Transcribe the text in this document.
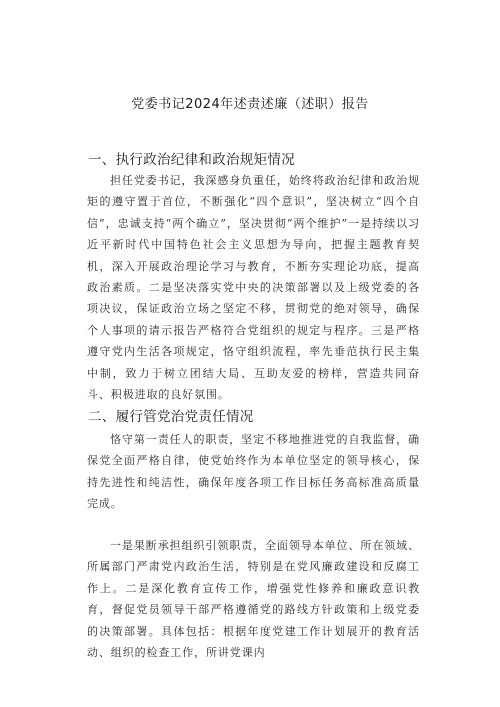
党委书记2024年述责述廉（述职）报告
一、执行政治纪律和政治规矩情况
担任党委书记，我深感身负重任，始终将政治纪律和政治规矩的遵守置于首位，不断强化“四个意识”，坚决树立“四个自信”，忠诚支持“两个确立”，坚决贯彻“两个维护”一是持续以习近平新时代中国特色社会主义思想为导向，把握主题教育契机，深入开展政治理论学习与教育，不断夯实理论功底，提高政治素质。二是坚决落实党中央的决策部署以及上级党委的各项决议，保证政治立场之坚定不移，贯彻党的绝对领导，确保个人事项的请示报告严格符合党组织的规定与程序。三是严格遵守党内生活各项规定，恪守组织流程，率先垂范执行民主集中制，致力于树立团结大局、互助友爱的榜样，营造共同奋斗、积极进取的良好氛围。
二、履行管党治党责任情况
恪守第一责任人的职责，坚定不移地推进党的自我监督，确保党全面严格自律，使党始终作为本单位坚定的领导核心，保持先进性和纯洁性，确保年度各项工作目标任务高标准高质量完成。
一是果断承担组织引领职责，全面领导本单位、所在领域、所属部门严肃党内政治生活，特别是在党风廉政建设和反腐工作上。二是深化教育宣传工作，增强党性修养和廉政意识教育，督促党员领导干部严格遵循党的路线方针政策和上级党委的决策部署。具体包括：根据年度党建工作计划展开的教育活动、组织的检查工作，所讲党课内
